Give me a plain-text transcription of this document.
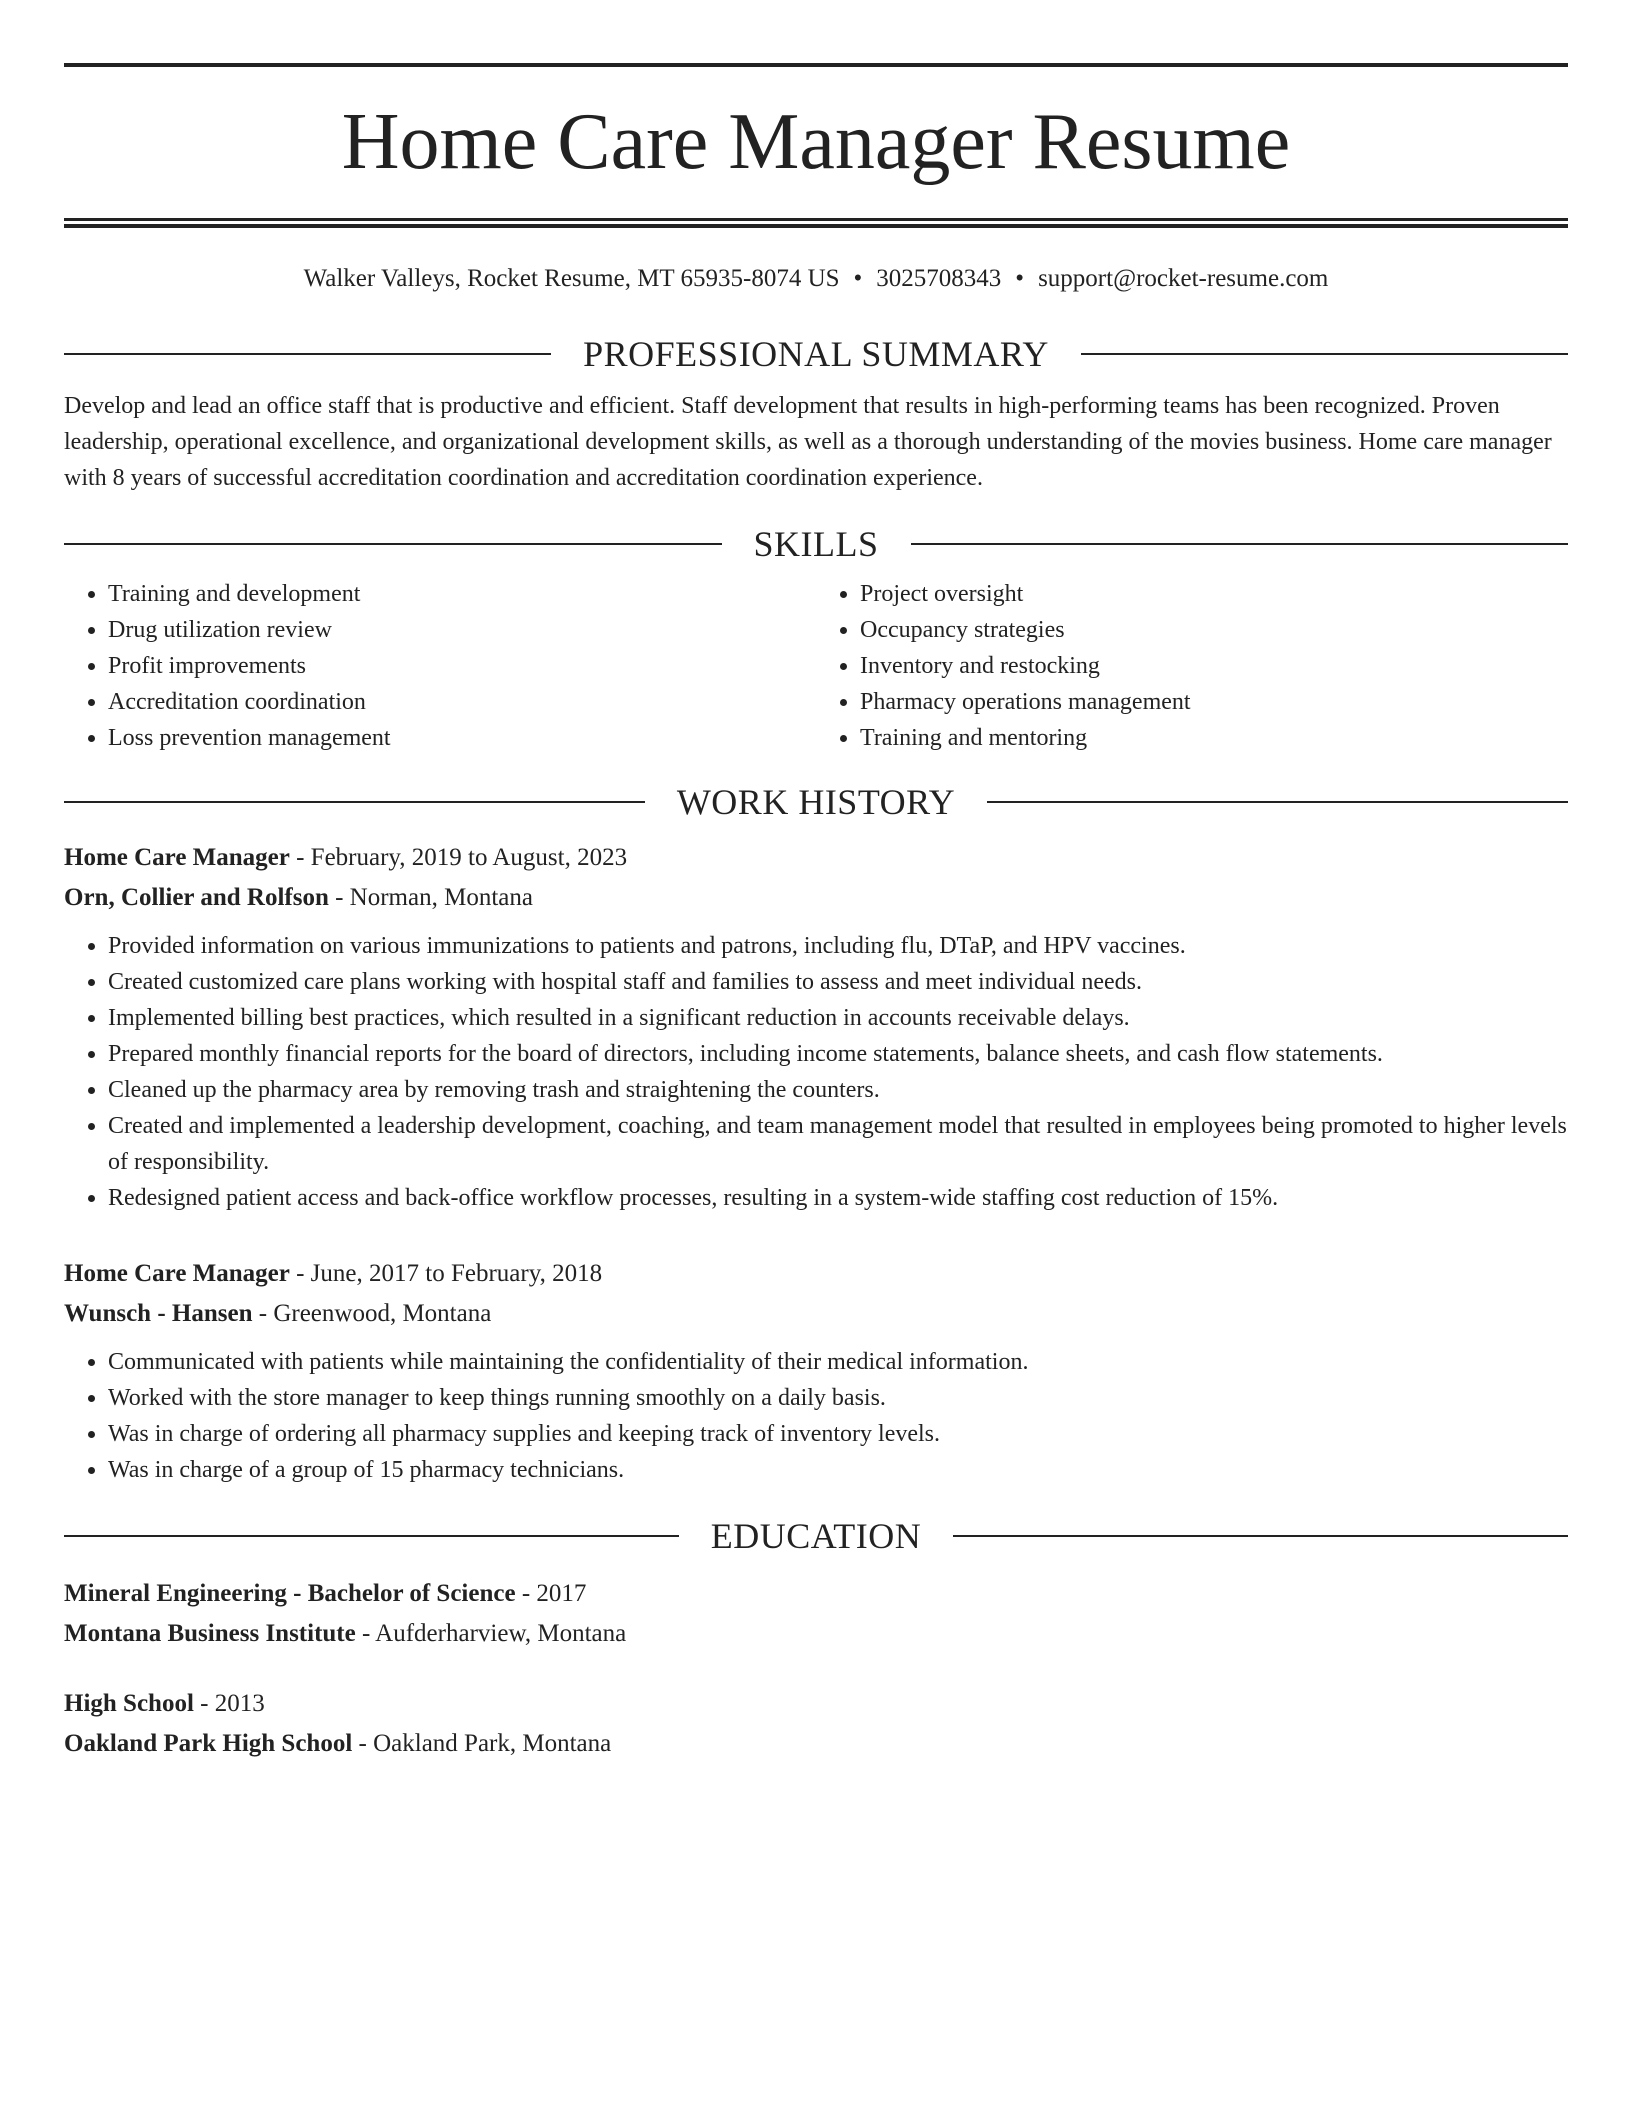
Home Care Manager Resume
Walker Valleys, Rocket Resume, MT 65935-8074 US • 3025708343 • support@rocket-resume.com
PROFESSIONAL SUMMARY

Develop and lead an office staff that is productive and efficient. Staff development that results in high-performing teams has been recognized. Proven leadership, operational excellence, and organizational development skills, as well as a thorough understanding of the movies business. Home care manager with 8 years of successful accreditation coordination and accreditation coordination experience.

SKILLS
• Training and development
• Drug utilization review
• Profit improvements
• Accreditation coordination
• Loss prevention management
• Project oversight
• Occupancy strategies
• Inventory and restocking
• Pharmacy operations management
• Training and mentoring
WORK HISTORY
Home Care Manager - February, 2019 to August, 2023
Orn, Collier and Rolfson - Norman, Montana
• Provided information on various immunizations to patients and patrons, including flu, DTaP, and HPV vaccines.
• Created customized care plans working with hospital staff and families to assess and meet individual needs.
• Implemented billing best practices, which resulted in a significant reduction in accounts receivable delays.
• Prepared monthly financial reports for the board of directors, including income statements, balance sheets, and cash flow statements.
• Cleaned up the pharmacy area by removing trash and straightening the counters.
• Created and implemented a leadership development, coaching, and team management model that resulted in employees being promoted to higher levels of responsibility.
• Redesigned patient access and back-office workflow processes, resulting in a system-wide staffing cost reduction of 15%.
Home Care Manager - June, 2017 to February, 2018
Wunsch - Hansen - Greenwood, Montana
• Communicated with patients while maintaining the confidentiality of their medical information.
• Worked with the store manager to keep things running smoothly on a daily basis.
• Was in charge of ordering all pharmacy supplies and keeping track of inventory levels.
• Was in charge of a group of 15 pharmacy technicians.
EDUCATION
Mineral Engineering - Bachelor of Science - 2017
Montana Business Institute - Aufderharview, Montana
High School - 2013
Oakland Park High School - Oakland Park, Montana
